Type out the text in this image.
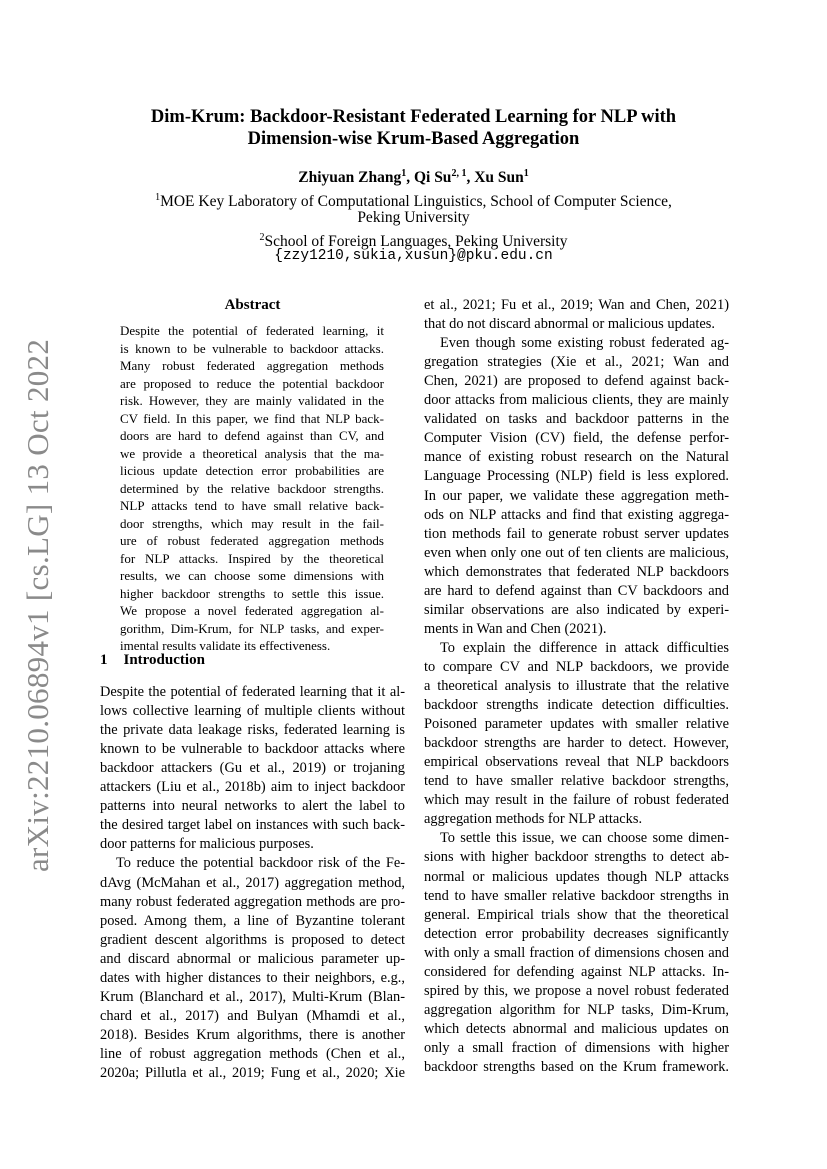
Dim-Krum: Backdoor-Resistant Federated Learning for NLP with
Dimension-wise Krum-Based Aggregation
Zhiyuan Zhang$^1$, Qi Su$^{2, 1}$, Xu Sun$^1$
$^1$MOE Key Laboratory of Computational Linguistics, School of Computer Science,
Peking University
$^2$School of Foreign Languages, Peking University
{zzy1210,sukia,xusun}@pku.edu.cn
arXiv:2210.06894v1 [cs.LG] 13 Oct 2022
Abstract
Despite the potential of federated learning, it
is known to be vulnerable to backdoor attacks.
Many robust federated aggregation methods
are proposed to reduce the potential backdoor
risk. However, they are mainly validated in the
CV field. In this paper, we find that NLP back-
doors are hard to defend against than CV, and
we provide a theoretical analysis that the ma-
licious update detection error probabilities are
determined by the relative backdoor strengths.
NLP attacks tend to have small relative back-
door strengths, which may result in the fail-
ure of robust federated aggregation methods
for NLP attacks. Inspired by the theoretical
results, we can choose some dimensions with
higher backdoor strengths to settle this issue.
We propose a novel federated aggregation al-
gorithm, Dim-Krum, for NLP tasks, and exper-
imental results validate its effectiveness.
1 Introduction
Despite the potential of federated learning that it al-
lows collective learning of multiple clients without
the private data leakage risks, federated learning is
known to be vulnerable to backdoor attacks where
backdoor attackers (Gu et al., 2019) or trojaning
attackers (Liu et al., 2018b) aim to inject backdoor
patterns into neural networks to alert the label to
the desired target label on instances with such back-
door patterns for malicious purposes.
To reduce the potential backdoor risk of the Fe-
dAvg (McMahan et al., 2017) aggregation method,
many robust federated aggregation methods are pro-
posed. Among them, a line of Byzantine tolerant
gradient descent algorithms is proposed to detect
and discard abnormal or malicious parameter up-
dates with higher distances to their neighbors, e.g.,
Krum (Blanchard et al., 2017), Multi-Krum (Blan-
chard et al., 2017) and Bulyan (Mhamdi et al.,
2018). Besides Krum algorithms, there is another
line of robust aggregation methods (Chen et al.,
2020a; Pillutla et al., 2019; Fung et al., 2020; Xie
et al., 2021; Fu et al., 2019; Wan and Chen, 2021)
that do not discard abnormal or malicious updates.
Even though some existing robust federated ag-
gregation strategies (Xie et al., 2021; Wan and
Chen, 2021) are proposed to defend against back-
door attacks from malicious clients, they are mainly
validated on tasks and backdoor patterns in the
Computer Vision (CV) field, the defense perfor-
mance of existing robust research on the Natural
Language Processing (NLP) field is less explored.
In our paper, we validate these aggregation meth-
ods on NLP attacks and find that existing aggrega-
tion methods fail to generate robust server updates
even when only one out of ten clients are malicious,
which demonstrates that federated NLP backdoors
are hard to defend against than CV backdoors and
similar observations are also indicated by experi-
ments in Wan and Chen (2021).
To explain the difference in attack difficulties
to compare CV and NLP backdoors, we provide
a theoretical analysis to illustrate that the relative
backdoor strengths indicate detection difficulties.
Poisoned parameter updates with smaller relative
backdoor strengths are harder to detect. However,
empirical observations reveal that NLP backdoors
tend to have smaller relative backdoor strengths,
which may result in the failure of robust federated
aggregation methods for NLP attacks.
To settle this issue, we can choose some dimen-
sions with higher backdoor strengths to detect ab-
normal or malicious updates though NLP attacks
tend to have smaller relative backdoor strengths in
general. Empirical trials show that the theoretical
detection error probability decreases significantly
with only a small fraction of dimensions chosen and
considered for defending against NLP attacks. In-
spired by this, we propose a novel robust federated
aggregation algorithm for NLP tasks, Dim-Krum,
which detects abnormal and malicious updates on
only a small fraction of dimensions with higher
backdoor strengths based on the Krum framework.
